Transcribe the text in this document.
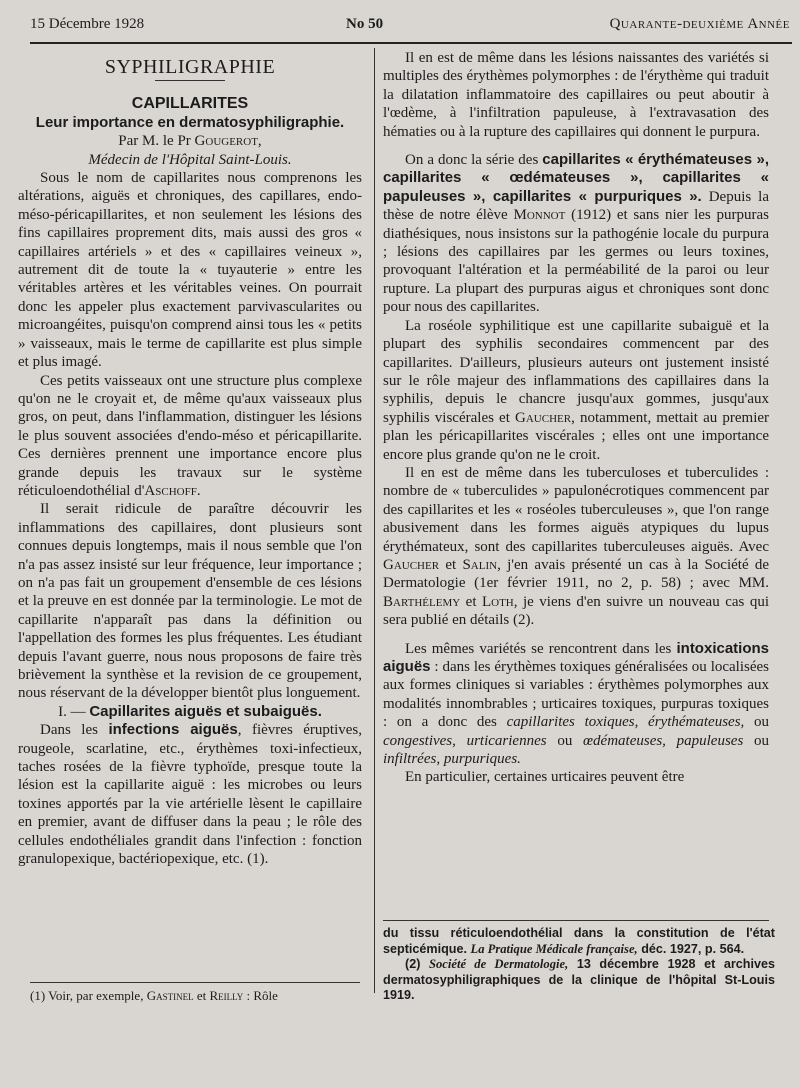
15 Décembre 1928	No 50	Quarante-deuxième Année

SYPHILIGRAPHIE

CAPILLARITES

Leur importance en dermatosyphiligraphie.

Par M. le Pr Gougerot,

Médecin de l'Hôpital Saint-Louis.

Sous le nom de capillarites nous comprenons les altérations, aiguës et chroniques, des capillares, endo-méso-péricapillarites, et non seulement les lésions des fins capillaires proprement dits, mais aussi des gros « capillaires artériels » et des « capillaires veineux », autrement dit de toute la « tuyauterie » entre les véritables artères et les véritables veines. On pourrait donc les appeler plus exactement parvivascularites ou microangéites, puisqu'on comprend ainsi tous les « petits » vaisseaux, mais le terme de capillarite est plus simple et plus imagé.

Ces petits vaisseaux ont une structure plus complexe qu'on ne le croyait et, de même qu'aux vaisseaux plus gros, on peut, dans l'inflammation, distinguer les lésions le plus souvent associées d'endo-méso et péricapillarite. Ces dernières prennent une importance encore plus grande depuis les travaux sur le système réticuloendothélial d'Aschoff.

Il serait ridicule de paraître découvrir les inflammations des capillaires, dont plusieurs sont connues depuis longtemps, mais il nous semble que l'on n'a pas assez insisté sur leur fréquence, leur importance ; on n'a pas fait un groupement d'ensemble de ces lésions et la preuve en est donnée par la terminologie. Le mot de capillarite n'apparaît pas dans la définition ou l'appellation des formes les plus fréquentes. Les étudiant depuis l'avant guerre, nous nous proposons de faire très brièvement la synthèse et la revision de ce groupement, nous réservant de la développer bientôt plus longuement.

I. — Capillarites aiguës et subaiguës.

Dans les infections aiguës, fièvres éruptives, rougeole, scarlatine, etc., érythèmes toxi-infectieux, taches rosées de la fièvre typhoïde, presque toute la lésion est la capillarite aiguë : les microbes ou leurs toxines apportés par la vie artérielle lèsent le capillaire en premier, avant de diffuser dans la peau ; le rôle des cellules endothéliales grandit dans l'infection : fonction granulopexique, bactériopexique, etc. (1).

(1) Voir, par exemple, Gastinel et Reilly : Rôle

Il en est de même dans les lésions naissantes des variétés si multiples des érythèmes polymorphes : de l'érythème qui traduit la dilatation inflammatoire des capillaires ou peut aboutir à l'œdème, à l'infiltration papuleuse, à l'extravasation des hématies ou à la rupture des capillaires qui donnent le purpura.

On a donc la série des capillarites « érythémateuses », capillarites « œdémateuses », capillarites « papuleuses », capillarites « purpuriques ». Depuis la thèse de notre élève Monnot (1912) et sans nier les purpuras diathésiques, nous insistons sur la pathogénie locale du purpura ; lésions des capillaires par les germes ou leurs toxines, provoquant l'altération et la perméabilité de la paroi ou leur rupture. La plupart des purpuras aigus et chroniques sont donc pour nous des capillarites.

La roséole syphilitique est une capillarite subaiguë et la plupart des syphilis secondaires commencent par des capillarites. D'ailleurs, plusieurs auteurs ont justement insisté sur le rôle majeur des inflammations des capillaires dans la syphilis, depuis le chancre jusqu'aux gommes, jusqu'aux syphilis viscérales et Gaucher, notamment, mettait au premier plan les péricapillarites viscérales ; elles ont une importance encore plus grande qu'on ne le croit.

Il en est de même dans les tuberculoses et tuberculides : nombre de « tuberculides » papulonécrotiques commencent par des capillarites et les « roséoles tuberculeuses », que l'on range abusivement dans les formes aiguës atypiques du lupus érythémateux, sont des capillarites tuberculeuses aiguës. Avec Gaucher et Salin, j'en avais présenté un cas à la Société de Dermatologie (1er février 1911, no 2, p. 58) ; avec MM. Barthélemy et Loth, je viens d'en suivre un nouveau cas qui sera publié en détails (2).

Les mêmes variétés se rencontrent dans les intoxications aiguës : dans les érythèmes toxiques généralisées ou localisées aux formes cliniques si variables : érythèmes polymorphes aux modalités innombrables ; urticaires toxiques, purpuras toxiques : on a donc des capillarites toxiques, érythémateuses, ou congestives, urticariennes ou œdémateuses, papuleuses ou infiltrées, purpuriques.

En particulier, certaines urticaires peuvent être

du tissu réticuloendothélial dans la constitution de l'état septicémique. La Pratique Médicale française, déc. 1927, p. 564.

(2) Société de Dermatologie, 13 décembre 1928 et archives dermatosyphiligraphiques de la clinique de l'hôpital St-Louis 1919.
